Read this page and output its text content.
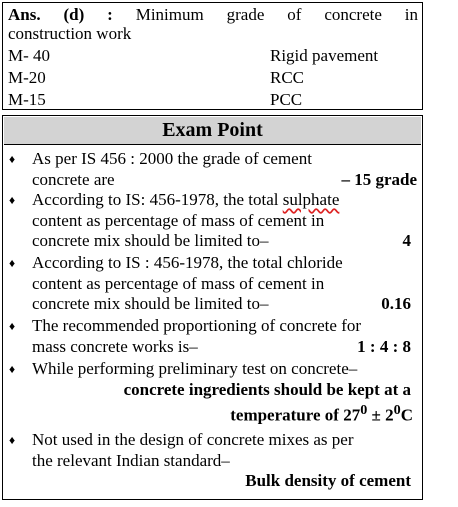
Ans. (d) : Minimum grade of concrete in
construction work
M- 40	Rigid pavement
M-20	RCC
M-15	PCC
Exam Point
♦ As per IS 456 : 2000 the grade of cement
concrete are	– 15 grade
♦ According to IS: 456-1978, the total sulphate
content as percentage of mass of cement in
concrete mix should be limited to–	4
♦ According to IS : 456-1978, the total chloride
content as percentage of mass of cement in
concrete mix should be limited to–	0.16
♦ The recommended proportioning of concrete for
mass concrete works is–	1 : 4 : 8
♦ While performing preliminary test on concrete–
concrete ingredients should be kept at a
temperature of $27^0 \pm 2^0C$
♦ Not used in the design of concrete mixes as per
the relevant Indian standard–
Bulk density of cement
